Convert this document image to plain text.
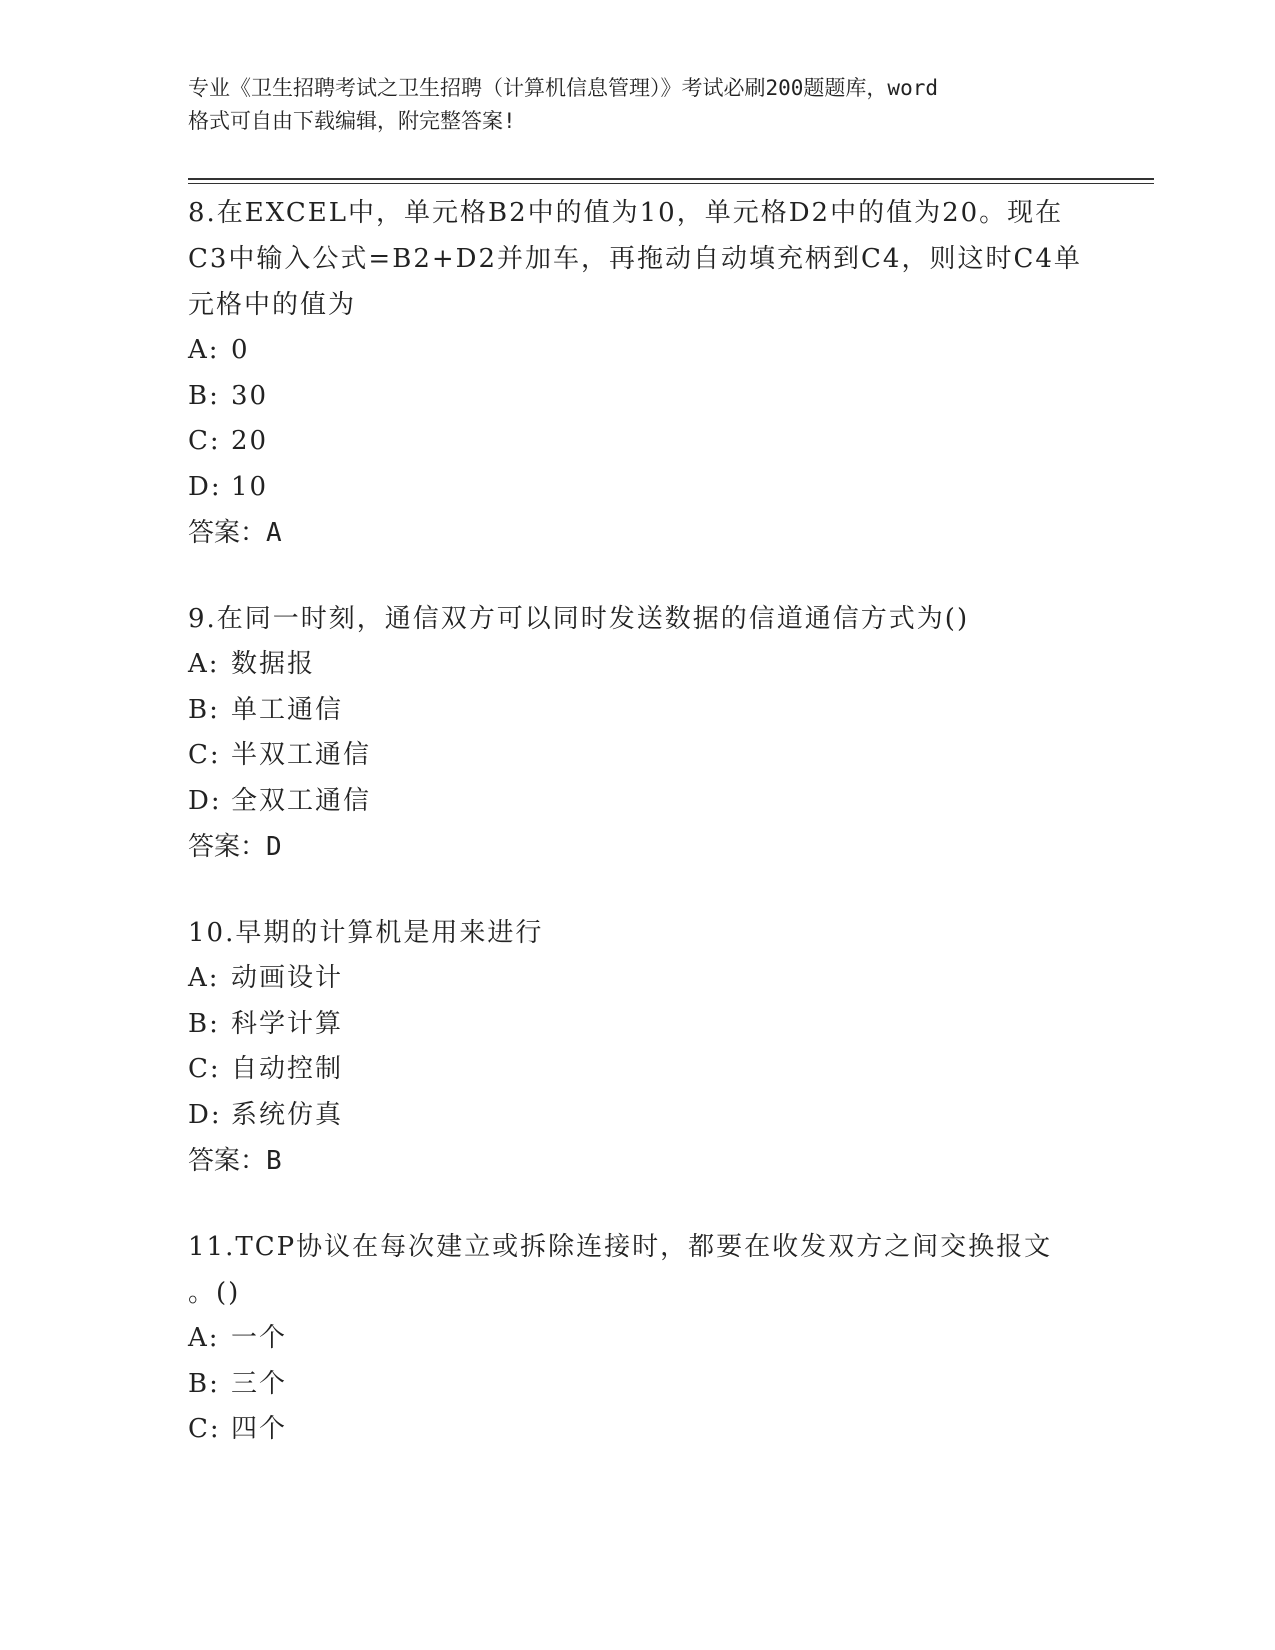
专业《卫生招聘考试之卫生招聘（计算机信息管理）》考试必刷200题题库，word
格式可自由下载编辑，附完整答案!
8.在EXCEL中，单元格B2中的值为10，单元格D2中的值为20。现在
C3中输入公式=B2+D2并加车，再拖动自动填充柄到C4，则这时C4单
元格中的值为
A: 0
B: 30
C: 20
D: 10
答案：A
9.在同一时刻，通信双方可以同时发送数据的信道通信方式为()
A: 数据报
B: 单工通信
C: 半双工通信
D: 全双工通信
答案：D
10.早期的计算机是用来进行
A: 动画设计
B: 科学计算
C: 自动控制
D: 系统仿真
答案：B
11.TCP协议在每次建立或拆除连接时，都要在收发双方之间交换报文
。()
A: 一个
B: 三个
C: 四个
